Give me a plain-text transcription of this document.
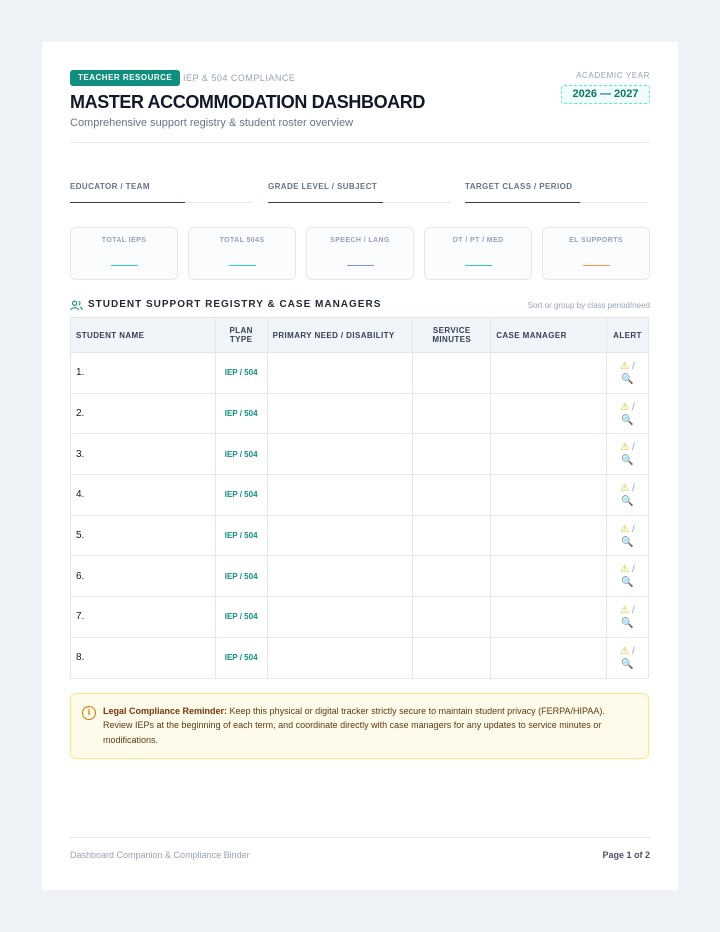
TEACHER RESOURCE	IEP & 504 COMPLIANCE
MASTER ACCOMMODATION DASHBOARD
Comprehensive support registry & student roster overview
ACADEMIC YEAR
2026 — 2027
EDUCATOR / TEAM	GRADE LEVEL / SUBJECT	TARGET CLASS / PERIOD
TOTAL IEPS	TOTAL 504S	SPEECH / LANG	OT / PT / MED	EL SUPPORTS
STUDENT SUPPORT REGISTRY & CASE MANAGERS	Sort or group by class period/need
STUDENT NAME	PLAN TYPE	PRIMARY NEED / DISABILITY	SERVICE MINUTES	CASE MANAGER	ALERT
1.	IEP / 504				⚠ /
🔍
2.	IEP / 504				⚠ /
🔍
3.	IEP / 504				⚠ /
🔍
4.	IEP / 504				⚠ /
🔍
5.	IEP / 504				⚠ /
🔍
6.	IEP / 504				⚠ /
🔍
7.	IEP / 504				⚠ /
🔍
8.	IEP / 504				⚠ /
🔍
i	Legal Compliance Reminder: Keep this physical or digital tracker strictly secure to maintain student privacy (FERPA/HIPAA). Review IEPs at the beginning of each term, and coordinate directly with case managers for any updates to service minutes or modifications.

Dashboard Companion & Compliance Binder	Page 1 of 2
